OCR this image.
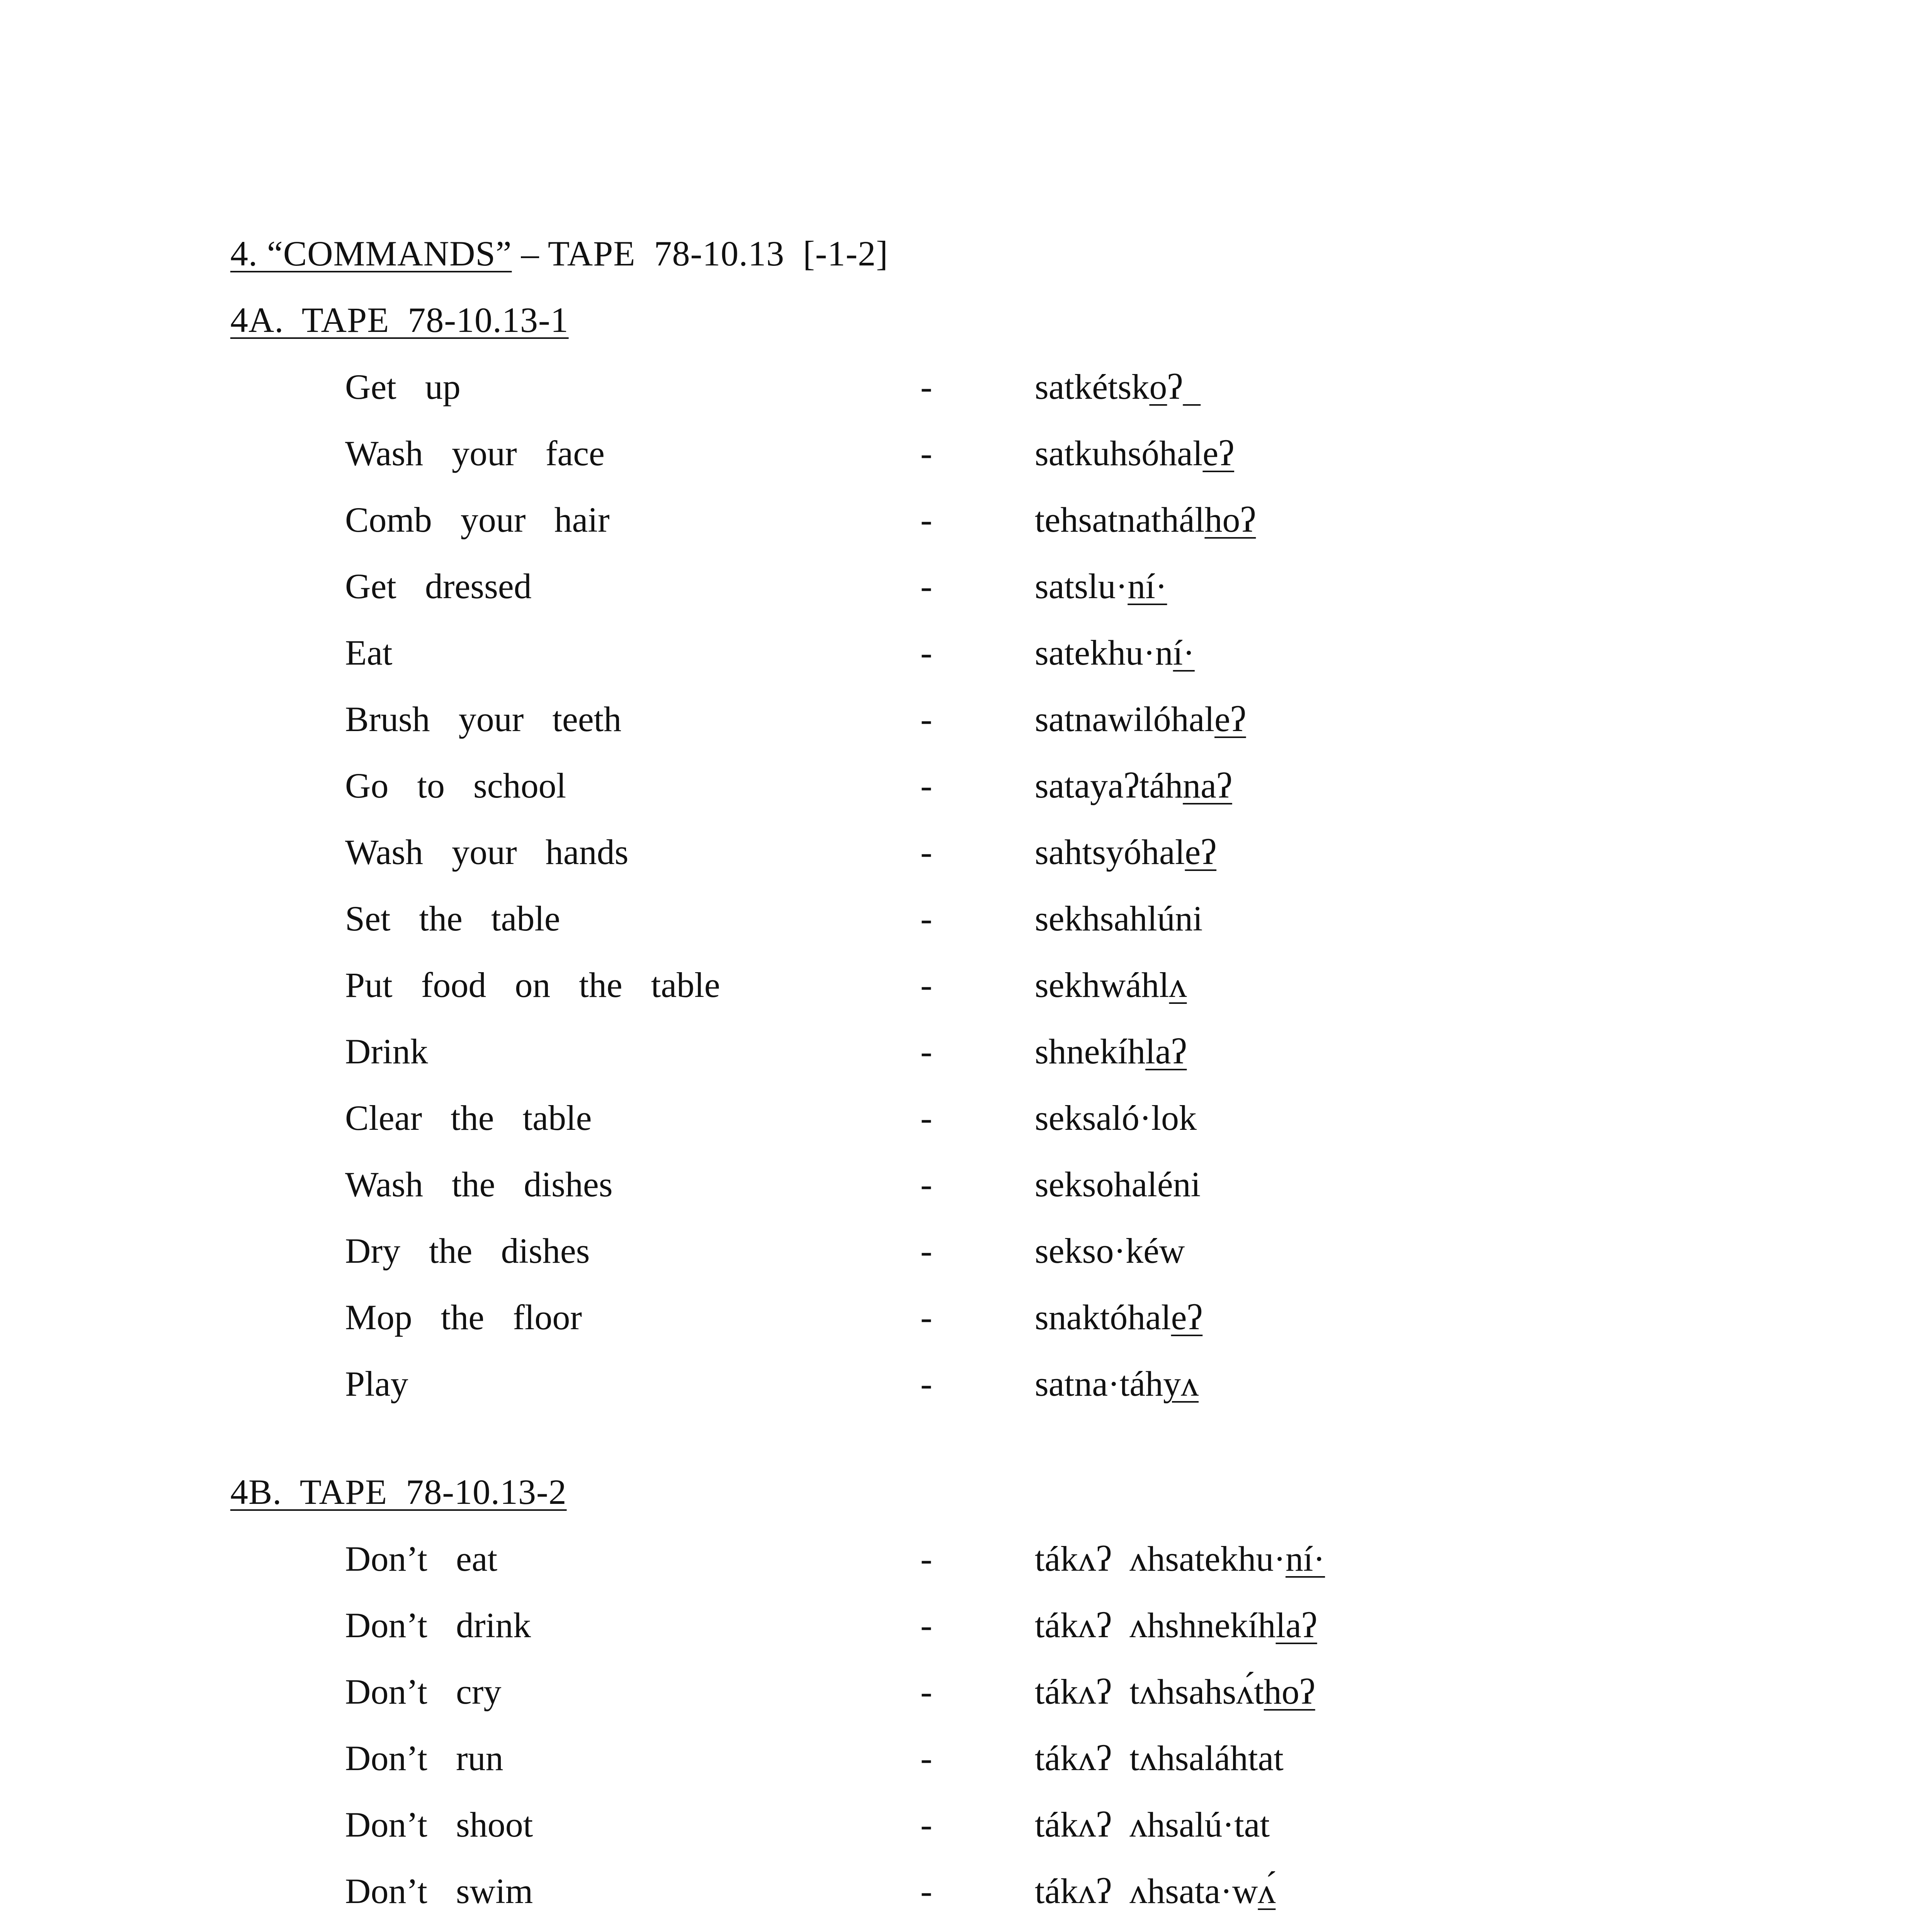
4. “COMMANDS” – TAPE  78-10.13  [-1-2]
4A.  TAPE  78-10.13-1
Get  up	-	satkétskoʔ
Wash  your  face	-	satkuhsóhaleʔ
Comb  your  hair	-	tehsatnathálhoʔ
Get  dressed	-	satslu·ní·
Eat	-	satekhu·ní·
Brush  your  teeth	-	satnawilóhaleʔ
Go  to  school	-	satayaʔtáhnaʔ
Wash  your  hands	-	sahtsyóhaleʔ
Set  the  table	-	sekhsahlúni
Put  food  on  the  table	-	sekhwáhlʌ
Drink	-	shnekíhlaʔ
Clear  the  table	-	seksaló·lok
Wash  the  dishes	-	seksohaléni
Dry  the  dishes	-	sekso·kéw
Mop  the  floor	-	snaktóhaleʔ
Play	-	satna·táhyʌ
4B.  TAPE  78-10.13-2
Don’t  eat	-	tákʌʔ  ʌhsatekhu·ní·
Don’t  drink	-	tákʌʔ  ʌhshnekíhlaʔ
Don’t  cry	-	tákʌʔ  tʌhsahsʌ́thoʔ
Don’t  run	-	tákʌʔ  tʌhsaláhtat
Don’t  shoot	-	tákʌʔ  ʌhsalú·tat
Don’t  swim	-	tákʌʔ  ʌhsata·wʌ́
